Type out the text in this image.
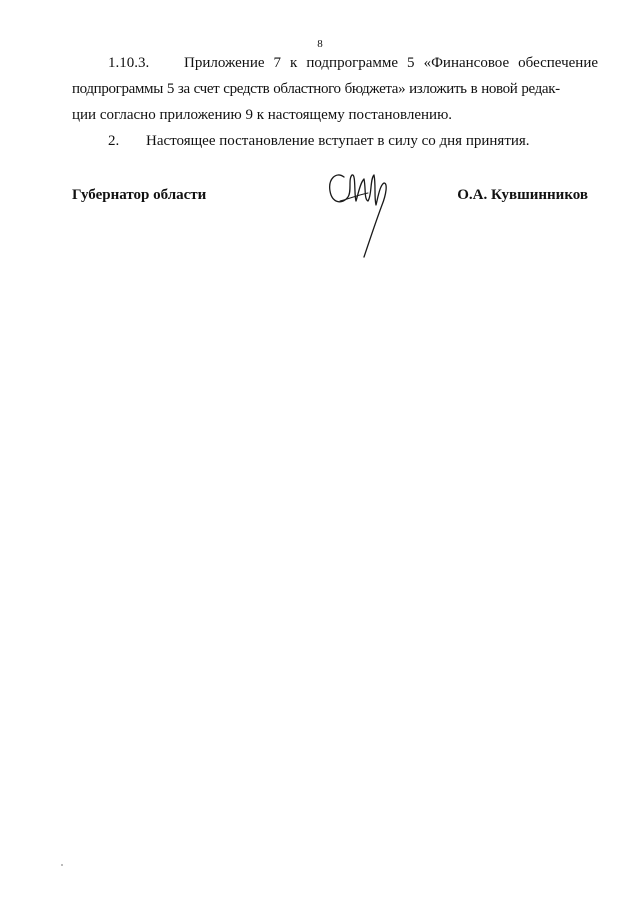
8
1.10.3.	Приложение 7 к подпрограмме 5 «Финансовое обеспечение
подпрограммы 5 за счет средств областного бюджета» изложить в новой редак-
ции согласно приложению 9 к настоящему постановлению.
2. Настоящее постановление вступает в силу со дня принятия.
Губернатор области	О.А. Кувшинников
